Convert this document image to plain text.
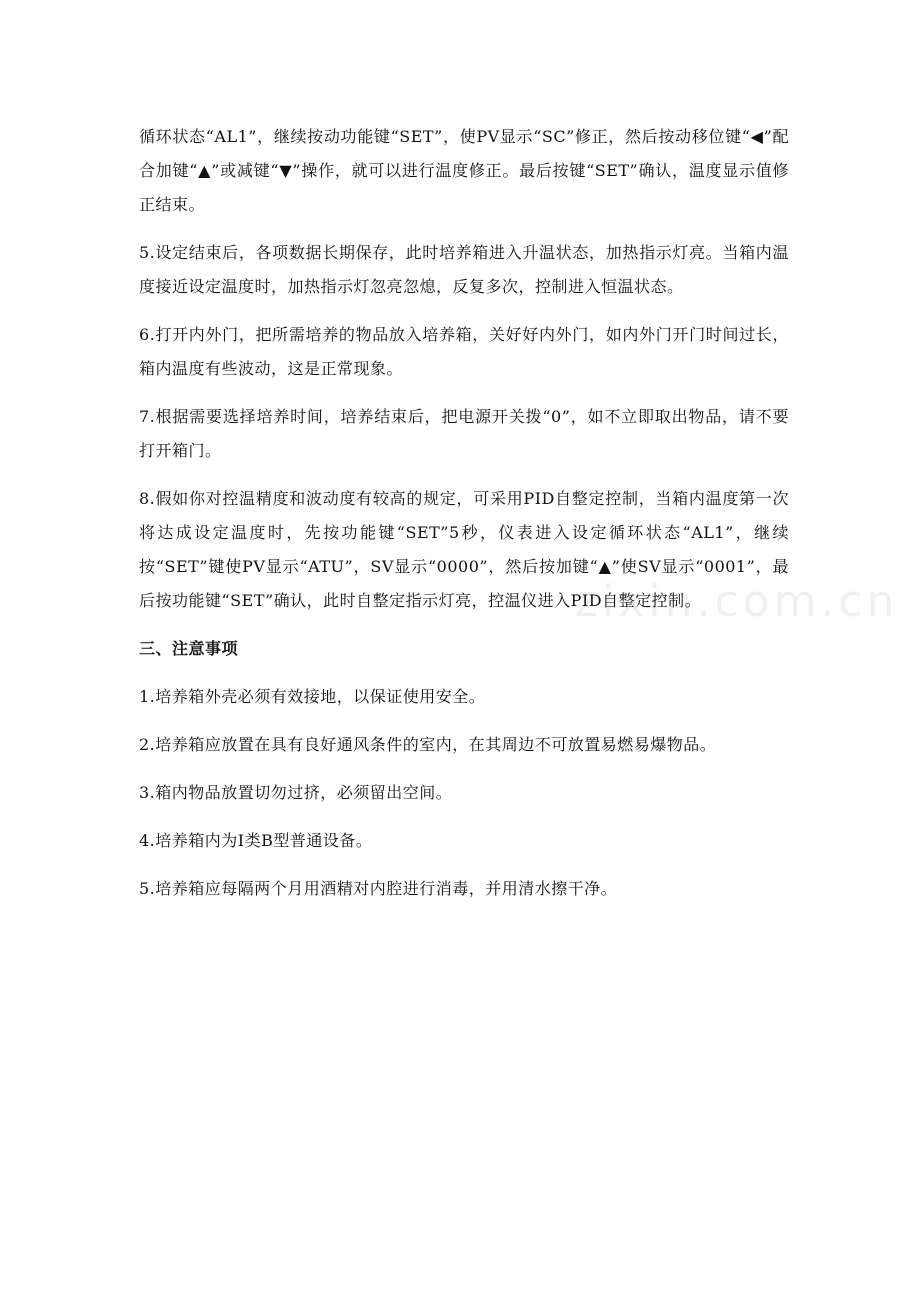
zixin.com.cn

循环状态“AL1”，继续按动功能键“SET”，使PV显示“SC”修正，然后按动移位键“◀”配合加键“▲”或减键“▼”操作，就可以进行温度修正。最后按键“SET”确认，温度显示值修正结束。

5.设定结束后，各项数据长期保存，此时培养箱进入升温状态，加热指示灯亮。当箱内温度接近设定温度时，加热指示灯忽亮忽熄，反复多次，控制进入恒温状态。

6.打开内外门，把所需培养的物品放入培养箱，关好好内外门，如内外门开门时间过长，箱内温度有些波动，这是正常现象。

7.根据需要选择培养时间，培养结束后，把电源开关拨“0”，如不立即取出物品，请不要打开箱门。

8.假如你对控温精度和波动度有较高的规定，可采用PID自整定控制，当箱内温度第一次将达成设定温度时，先按功能键“SET”5秒，仪表进入设定循环状态“AL1”，继续按“SET”键使PV显示“ATU”，SV显示“0000”，然后按加键“▲”使SV显示“0001”，最后按功能键“SET”确认，此时自整定指示灯亮，控温仪进入PID自整定控制。

三、注意事项

1.培养箱外壳必须有效接地，以保证使用安全。

2.培养箱应放置在具有良好通风条件的室内，在其周边不可放置易燃易爆物品。

3.箱内物品放置切勿过挤，必须留出空间。

4.培养箱内为Ⅰ类B型普通设备。

5.培养箱应每隔两个月用酒精对内腔进行消毒，并用清水擦干净。
